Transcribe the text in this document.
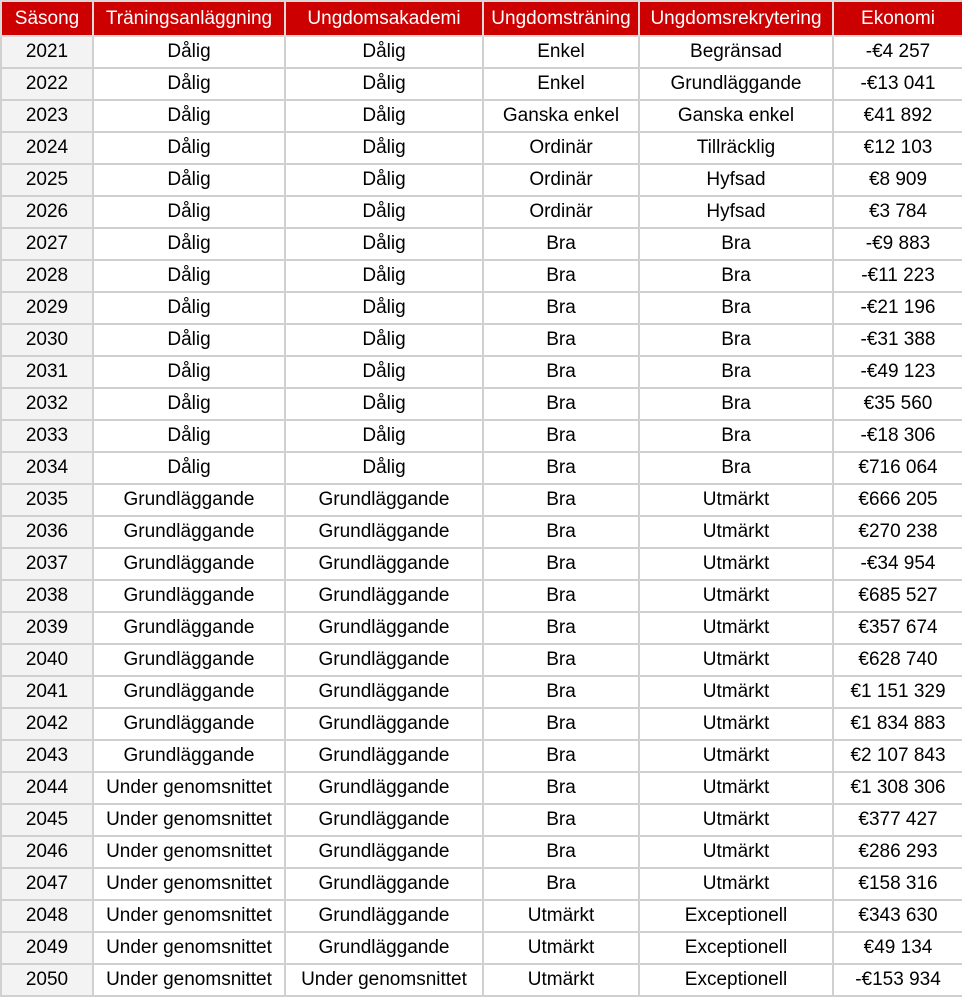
Säsong	Träningsanläggning	Ungdomsakademi	Ungdomsträning	Ungdomsrekrytering	Ekonomi
2021	Dålig	Dålig	Enkel	Begränsad	-€4 257
2022	Dålig	Dålig	Enkel	Grundläggande	-€13 041
2023	Dålig	Dålig	Ganska enkel	Ganska enkel	€41 892
2024	Dålig	Dålig	Ordinär	Tillräcklig	€12 103
2025	Dålig	Dålig	Ordinär	Hyfsad	€8 909
2026	Dålig	Dålig	Ordinär	Hyfsad	€3 784
2027	Dålig	Dålig	Bra	Bra	-€9 883
2028	Dålig	Dålig	Bra	Bra	-€11 223
2029	Dålig	Dålig	Bra	Bra	-€21 196
2030	Dålig	Dålig	Bra	Bra	-€31 388
2031	Dålig	Dålig	Bra	Bra	-€49 123
2032	Dålig	Dålig	Bra	Bra	€35 560
2033	Dålig	Dålig	Bra	Bra	-€18 306
2034	Dålig	Dålig	Bra	Bra	€716 064
2035	Grundläggande	Grundläggande	Bra	Utmärkt	€666 205
2036	Grundläggande	Grundläggande	Bra	Utmärkt	€270 238
2037	Grundläggande	Grundläggande	Bra	Utmärkt	-€34 954
2038	Grundläggande	Grundläggande	Bra	Utmärkt	€685 527
2039	Grundläggande	Grundläggande	Bra	Utmärkt	€357 674
2040	Grundläggande	Grundläggande	Bra	Utmärkt	€628 740
2041	Grundläggande	Grundläggande	Bra	Utmärkt	€1 151 329
2042	Grundläggande	Grundläggande	Bra	Utmärkt	€1 834 883
2043	Grundläggande	Grundläggande	Bra	Utmärkt	€2 107 843
2044	Under genomsnittet	Grundläggande	Bra	Utmärkt	€1 308 306
2045	Under genomsnittet	Grundläggande	Bra	Utmärkt	€377 427
2046	Under genomsnittet	Grundläggande	Bra	Utmärkt	€286 293
2047	Under genomsnittet	Grundläggande	Bra	Utmärkt	€158 316
2048	Under genomsnittet	Grundläggande	Utmärkt	Exceptionell	€343 630
2049	Under genomsnittet	Grundläggande	Utmärkt	Exceptionell	€49 134
2050	Under genomsnittet	Under genomsnittet	Utmärkt	Exceptionell	-€153 934
